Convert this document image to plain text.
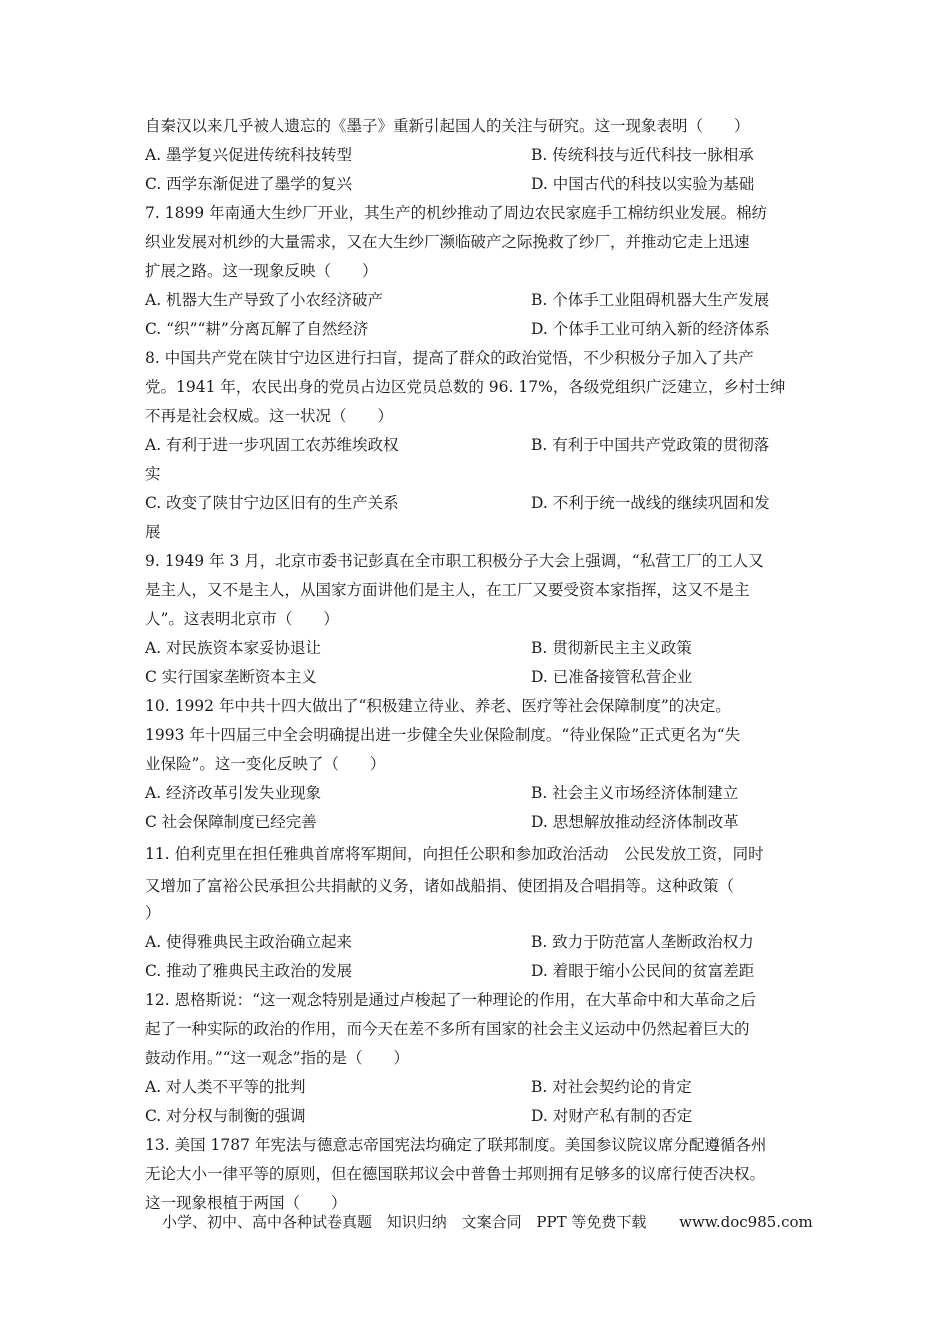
自秦汉以来几乎被人遗忘的《墨子》重新引起国人的关注与研究。这一现象表明（　　）
A. 墨学复兴促进传统科技转型	B. 传统科技与近代科技一脉相承
C. 西学东渐促进了墨学的复兴	D. 中国古代的科技以实验为基础
7. 1899 年南通大生纱厂开业，其生产的机纱推动了周边农民家庭手工棉纺织业发展。棉纺
织业发展对机纱的大量需求，又在大生纱厂濒临破产之际挽救了纱厂，并推动它走上迅速
扩展之路。这一现象反映（　　）
A. 机器大生产导致了小农经济破产	B. 个体手工业阻碍机器大生产发展
C. “织”“耕”分离瓦解了自然经济	D. 个体手工业可纳入新的经济体系
8. 中国共产党在陕甘宁边区进行扫盲，提高了群众的政治觉悟，不少积极分子加入了共产
党。1941 年，农民出身的党员占边区党员总数的 96. 17%，各级党组织广泛建立，乡村士绅
不再是社会权威。这一状况（　　）
A. 有利于进一步巩固工农苏维埃政权	B. 有利于中国共产党政策的贯彻落
实
C. 改变了陕甘宁边区旧有的生产关系	D. 不利于统一战线的继续巩固和发
展
9. 1949 年 3 月，北京市委书记彭真在全市职工积极分子大会上强调，“私营工厂的工人又
是主人，又不是主人，从国家方面讲他们是主人，在工厂又要受资本家指挥，这又不是主
人”。这表明北京市（　　）
A. 对民族资本家妥协退让	B. 贯彻新民主主义政策
C 实行国家垄断资本主义	D. 已准备接管私营企业
10. 1992 年中共十四大做出了“积极建立待业、养老、医疗等社会保障制度”的决定。
1993 年十四届三中全会明确提出进一步健全失业保险制度。“待业保险”正式更名为“失
业保险”。这一变化反映了（　　）
A. 经济改革引发失业现象	B. 社会主义市场经济体制建立
C 社会保障制度已经完善	D. 思想解放推动经济体制改革
11. 伯利克里在担任雅典首席将军期间，向担任公职和参加政治活动　公民发放工资，同时
又增加了富裕公民承担公共捐献的义务，诸如战船捐、使团捐及合唱捐等。这种政策（
）
A. 使得雅典民主政治确立起来	B. 致力于防范富人垄断政治权力
C. 推动了雅典民主政治的发展	D. 着眼于缩小公民间的贫富差距
12. 恩格斯说：“这一观念特别是通过卢梭起了一种理论的作用，在大革命中和大革命之后
起了一种实际的政治的作用，而今天在差不多所有国家的社会主义运动中仍然起着巨大的
鼓动作用。”“这一观念”指的是（　　）
A. 对人类不平等的批判	B. 对社会契约论的肯定
C. 对分权与制衡的强调	D. 对财产私有制的否定
13. 美国 1787 年宪法与德意志帝国宪法均确定了联邦制度。美国参议院议席分配遵循各州
无论大小一律平等的原则，但在德国联邦议会中普鲁士邦则拥有足够多的议席行使否决权。
这一现象根植于两国（　　）
小学、初中、高中各种试卷真题 知识归纳 文案合同 PPT 等免费下载 www.doc985.com
